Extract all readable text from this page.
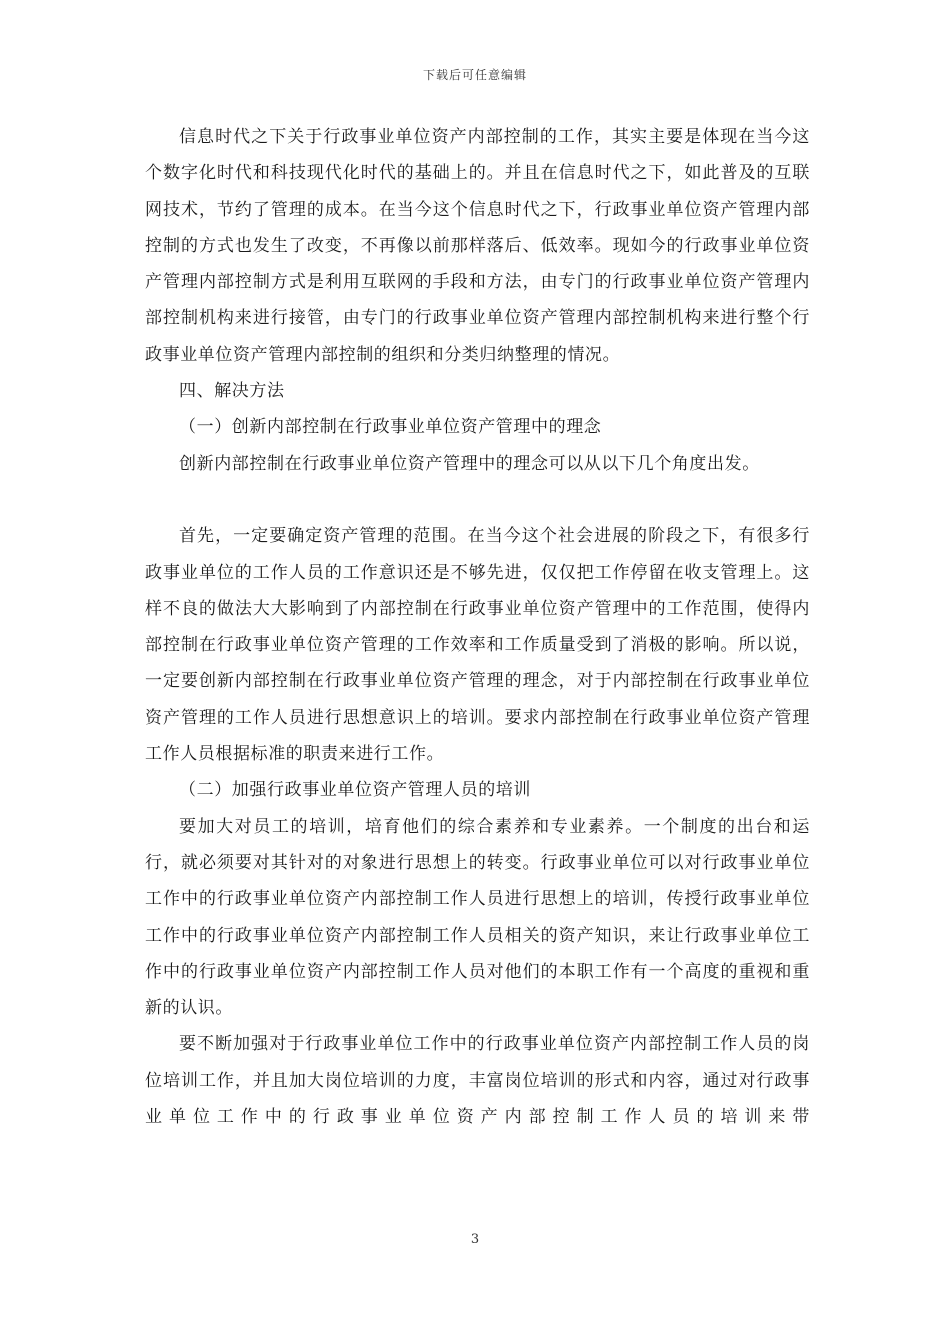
下载后可任意编辑

信息时代之下关于行政事业单位资产内部控制的工作，其实主要是体现在当今这个数字化时代和科技现代化时代的基础上的。并且在信息时代之下，如此普及的互联网技术，节约了管理的成本。在当今这个信息时代之下，行政事业单位资产管理内部控制的方式也发生了改变，不再像以前那样落后、低效率。现如今的行政事业单位资产管理内部控制方式是利用互联网的手段和方法，由专门的行政事业单位资产管理内部控制机构来进行接管，由专门的行政事业单位资产管理内部控制机构来进行整个行政事业单位资产管理内部控制的组织和分类归纳整理的情况。

四、解决方法

（一）创新内部控制在行政事业单位资产管理中的理念

创新内部控制在行政事业单位资产管理中的理念可以从以下几个角度出发。

首先，一定要确定资产管理的范围。在当今这个社会进展的阶段之下，有很多行政事业单位的工作人员的工作意识还是不够先进，仅仅把工作停留在收支管理上。这样不良的做法大大影响到了内部控制在行政事业单位资产管理中的工作范围，使得内部控制在行政事业单位资产管理的工作效率和工作质量受到了消极的影响。所以说，一定要创新内部控制在行政事业单位资产管理的理念，对于内部控制在行政事业单位资产管理的工作人员进行思想意识上的培训。要求内部控制在行政事业单位资产管理工作人员根据标准的职责来进行工作。

（二）加强行政事业单位资产管理人员的培训

要加大对员工的培训，培育他们的综合素养和专业素养。一个制度的出台和运行，就必须要对其针对的对象进行思想上的转变。行政事业单位可以对行政事业单位工作中的行政事业单位资产内部控制工作人员进行思想上的培训，传授行政事业单位工作中的行政事业单位资产内部控制工作人员相关的资产知识，来让行政事业单位工作中的行政事业单位资产内部控制工作人员对他们的本职工作有一个高度的重视和重新的认识。

要不断加强对于行政事业单位工作中的行政事业单位资产内部控制工作人员的岗位培训工作，并且加大岗位培训的力度，丰富岗位培训的形式和内容，通过对行政事业单位工作中的行政事业单位资产内部控制工作人员的培训来带

3
